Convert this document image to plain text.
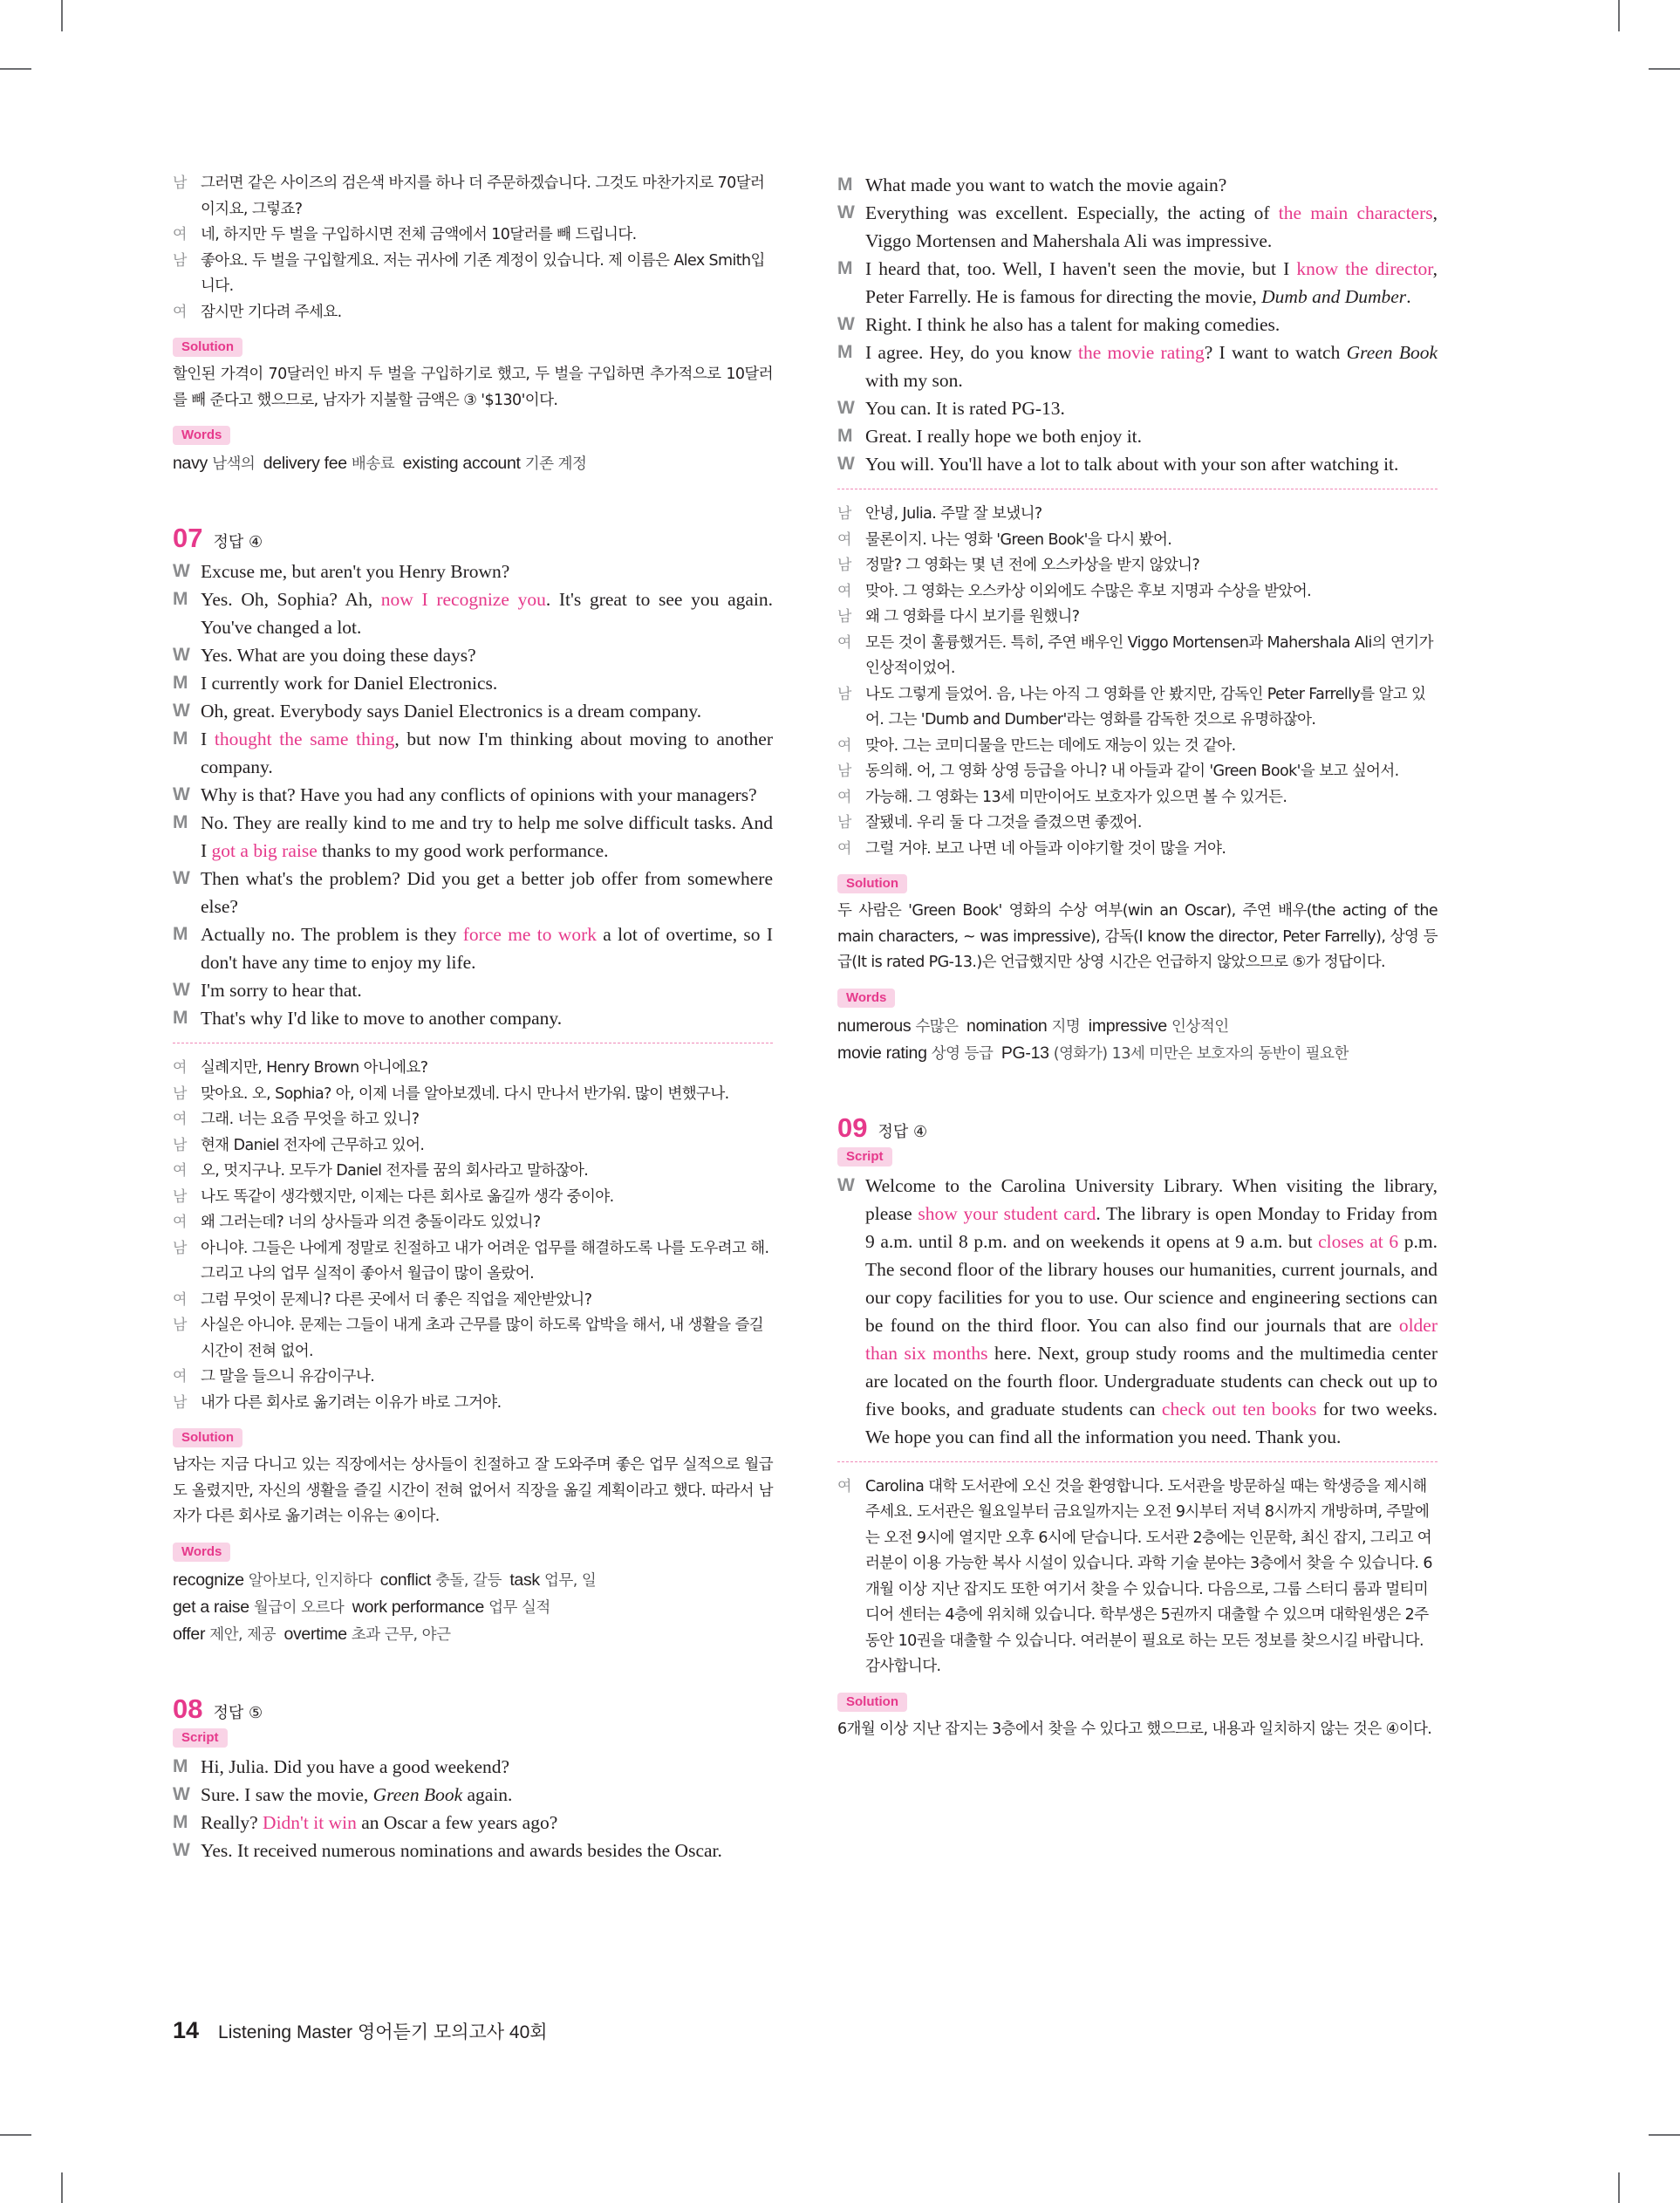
남 그러면 같은 사이즈의 검은색 바지를 하나 더 주문하겠습니다. 그것도 마찬가지로 70달러이지요, 그렇죠?
여 네, 하지만 두 벌을 구입하시면 전체 금액에서 10달러를 빼 드립니다.
남 좋아요. 두 벌을 구입할게요. 저는 귀사에 기존 계정이 있습니다. 제 이름은 Alex Smith입니다.
여 잠시만 기다려 주세요.
Solution
할인된 가격이 70달러인 바지 두 벌을 구입하기로 했고, 두 벌을 구입하면 추가적으로 10달러를 빼 준다고 했으므로, 남자가 지불할 금액은 ③ '$130'이다.
Words
navy 남색의  delivery fee 배송료  existing account 기존 계정
07 정답 ④
W Excuse me, but aren't you Henry Brown?
M Yes. Oh, Sophia? Ah, now I recognize you. It's great to see you again. You've changed a lot.
W Yes. What are you doing these days?
M I currently work for Daniel Electronics.
W Oh, great. Everybody says Daniel Electronics is a dream company.
M I thought the same thing, but now I'm thinking about moving to another company.
W Why is that? Have you had any conflicts of opinions with your managers?
M No. They are really kind to me and try to help me solve difficult tasks. And I got a big raise thanks to my good work performance.
W Then what's the problem? Did you get a better job offer from somewhere else?
M Actually no. The problem is they force me to work a lot of overtime, so I don't have any time to enjoy my life.
W I'm sorry to hear that.
M That's why I'd like to move to another company.
여 실례지만, Henry Brown 아니에요?
남 맞아요. 오, Sophia? 아, 이제 너를 알아보겠네. 다시 만나서 반가워. 많이 변했구나.
여 그래. 너는 요즘 무엇을 하고 있니?
남 현재 Daniel 전자에 근무하고 있어.
여 오, 멋지구나. 모두가 Daniel 전자를 꿈의 회사라고 말하잖아.
남 나도 똑같이 생각했지만, 이제는 다른 회사로 옮길까 생각 중이야.
여 왜 그러는데? 너의 상사들과 의견 충돌이라도 있었니?
남 아니야. 그들은 나에게 정말로 친절하고 내가 어려운 업무를 해결하도록 나를 도우려고 해. 그리고 나의 업무 실적이 좋아서 월급이 많이 올랐어.
여 그럼 무엇이 문제니? 다른 곳에서 더 좋은 직업을 제안받았니?
남 사실은 아니야. 문제는 그들이 내게 초과 근무를 많이 하도록 압박을 해서, 내 생활을 즐길 시간이 전혀 없어.
여 그 말을 들으니 유감이구나.
남 내가 다른 회사로 옮기려는 이유가 바로 그거야.
Solution
남자는 지금 다니고 있는 직장에서는 상사들이 친절하고 잘 도와주며 좋은 업무 실적으로 월급도 올렸지만, 자신의 생활을 즐길 시간이 전혀 없어서 직장을 옮길 계획이라고 했다. 따라서 남자가 다른 회사로 옮기려는 이유는 ④이다.
Words
recognize 알아보다, 인지하다  conflict 충돌, 갈등  task 업무, 일
get a raise 월급이 오르다  work performance 업무 실적
offer 제안, 제공  overtime 초과 근무, 야근
08 정답 ⑤
Script
M Hi, Julia. Did you have a good weekend?
W Sure. I saw the movie, Green Book again.
M Really? Didn't it win an Oscar a few years ago?
W Yes. It received numerous nominations and awards besides the Oscar.
M What made you want to watch the movie again?
W Everything was excellent. Especially, the acting of the main characters, Viggo Mortensen and Mahershala Ali was impressive.
M I heard that, too. Well, I haven't seen the movie, but I know the director, Peter Farrelly. He is famous for directing the movie, Dumb and Dumber.
W Right. I think he also has a talent for making comedies.
M I agree. Hey, do you know the movie rating? I want to watch Green Book with my son.
W You can. It is rated PG-13.
M Great. I really hope we both enjoy it.
W You will. You'll have a lot to talk about with your son after watching it.
남 안녕, Julia. 주말 잘 보냈니?
여 물론이지. 나는 영화 'Green Book'을 다시 봤어.
남 정말? 그 영화는 몇 년 전에 오스카상을 받지 않았니?
여 맞아. 그 영화는 오스카상 이외에도 수많은 후보 지명과 수상을 받았어.
남 왜 그 영화를 다시 보기를 원했니?
여 모든 것이 훌륭했거든. 특히, 주연 배우인 Viggo Mortensen과 Mahershala Ali의 연기가 인상적이었어.
남 나도 그렇게 들었어. 음, 나는 아직 그 영화를 안 봤지만, 감독인 Peter Farrelly를 알고 있어. 그는 'Dumb and Dumber'라는 영화를 감독한 것으로 유명하잖아.
여 맞아. 그는 코미디물을 만드는 데에도 재능이 있는 것 같아.
남 동의해. 어, 그 영화 상영 등급을 아니? 내 아들과 같이 'Green Book'을 보고 싶어서.
여 가능해. 그 영화는 13세 미만이어도 보호자가 있으면 볼 수 있거든.
남 잘됐네. 우리 둘 다 그것을 즐겼으면 좋겠어.
여 그럴 거야. 보고 나면 네 아들과 이야기할 것이 많을 거야.
Solution
두 사람은 'Green Book' 영화의 수상 여부(win an Oscar), 주연 배우(the acting of the main characters, ~ was impressive), 감독(I know the director, Peter Farrelly), 상영 등급(It is rated PG-13.)은 언급했지만 상영 시간은 언급하지 않았으므로 ⑤가 정답이다.
Words
numerous 수많은  nomination 지명  impressive 인상적인
movie rating 상영 등급  PG-13 (영화가) 13세 미만은 보호자의 동반이 필요한
09 정답 ④
Script
W Welcome to the Carolina University Library. When visiting the library, please show your student card. The library is open Monday to Friday from 9 a.m. until 8 p.m. and on weekends it opens at 9 a.m. but closes at 6 p.m. The second floor of the library houses our humanities, current journals, and our copy facilities for you to use. Our science and engineering sections can be found on the third floor. You can also find our journals that are older than six months here. Next, group study rooms and the multimedia center are located on the fourth floor. Undergraduate students can check out up to five books, and graduate students can check out ten books for two weeks. We hope you can find all the information you need. Thank you.
여 Carolina 대학 도서관에 오신 것을 환영합니다. 도서관을 방문하실 때는 학생증을 제시해 주세요. 도서관은 월요일부터 금요일까지는 오전 9시부터 저녁 8시까지 개방하며, 주말에는 오전 9시에 열지만 오후 6시에 닫습니다. 도서관 2층에는 인문학, 최신 잡지, 그리고 여러분이 이용 가능한 복사 시설이 있습니다. 과학 기술 분야는 3층에서 찾을 수 있습니다. 6개월 이상 지난 잡지도 또한 여기서 찾을 수 있습니다. 다음으로, 그룹 스터디 룸과 멀티미디어 센터는 4층에 위치해 있습니다. 학부생은 5권까지 대출할 수 있으며 대학원생은 2주 동안 10권을 대출할 수 있습니다. 여러분이 필요로 하는 모든 정보를 찾으시길 바랍니다. 감사합니다.
Solution
6개월 이상 지난 잡지는 3층에서 찾을 수 있다고 했으므로, 내용과 일치하지 않는 것은 ④이다.
14 Listening Master 영어듣기 모의고사 40회
